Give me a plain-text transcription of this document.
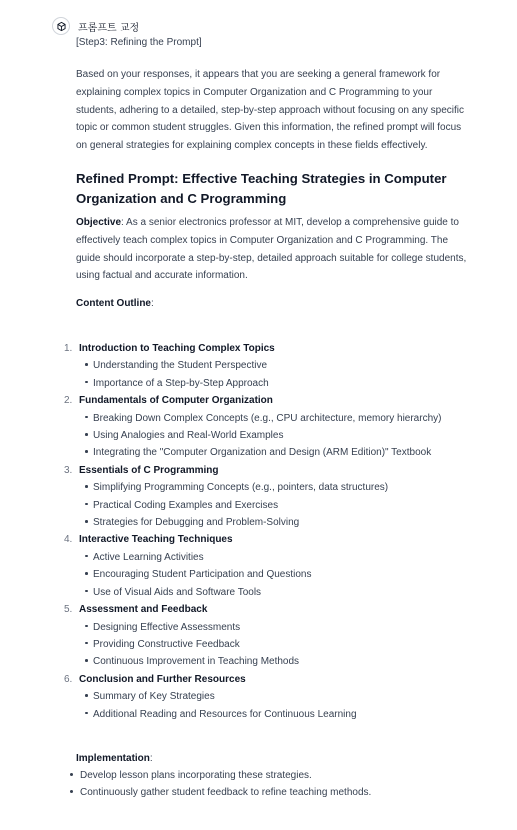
프롬프트 교정
[Step3: Refining the Prompt]
Based on your responses, it appears that you are seeking a general framework for explaining complex topics in Computer Organization and C Programming to your students, adhering to a detailed, step-by-step approach without focusing on any specific topic or common student struggles. Given this information, the refined prompt will focus on general strategies for explaining complex concepts in these fields effectively.
Refined Prompt: Effective Teaching Strategies in Computer Organization and C Programming
Objective: As a senior electronics professor at MIT, develop a comprehensive guide to effectively teach complex topics in Computer Organization and C Programming. The guide should incorporate a step-by-step, detailed approach suitable for college students, using factual and accurate information.
Content Outline:
1. Introduction to Teaching Complex Topics
Understanding the Student Perspective
Importance of a Step-by-Step Approach
2. Fundamentals of Computer Organization
Breaking Down Complex Concepts (e.g., CPU architecture, memory hierarchy)
Using Analogies and Real-World Examples
Integrating the "Computer Organization and Design (ARM Edition)" Textbook
3. Essentials of C Programming
Simplifying Programming Concepts (e.g., pointers, data structures)
Practical Coding Examples and Exercises
Strategies for Debugging and Problem-Solving
4. Interactive Teaching Techniques
Active Learning Activities
Encouraging Student Participation and Questions
Use of Visual Aids and Software Tools
5. Assessment and Feedback
Designing Effective Assessments
Providing Constructive Feedback
Continuous Improvement in Teaching Methods
6. Conclusion and Further Resources
Summary of Key Strategies
Additional Reading and Resources for Continuous Learning
Implementation:
Develop lesson plans incorporating these strategies.
Continuously gather student feedback to refine teaching methods.
